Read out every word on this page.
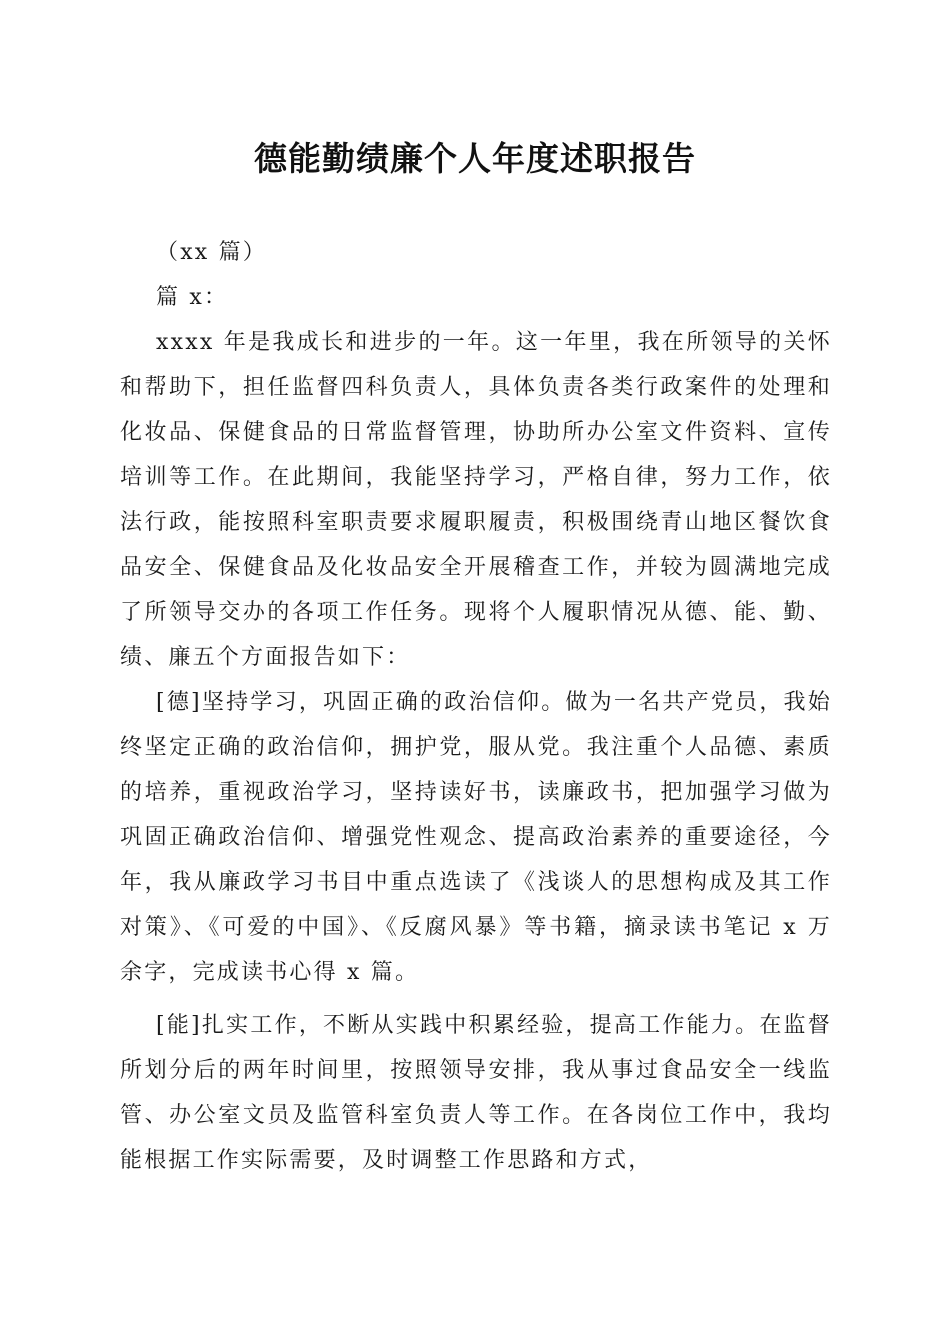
德能勤绩廉个人年度述职报告

（xx 篇）

篇 x：

xxxx 年是我成长和进步的一年。这一年里，我在所领导的关怀和帮助下，担任监督四科负责人，具体负责各类行政案件的处理和化妆品、保健食品的日常监督管理，协助所办公室文件资料、宣传培训等工作。在此期间，我能坚持学习，严格自律，努力工作，依法行政，能按照科室职责要求履职履责，积极围绕青山地区餐饮食品安全、保健食品及化妆品安全开展稽查工作，并较为圆满地完成了所领导交办的各项工作任务。现将个人履职情况从德、能、勤、绩、廉五个方面报告如下：

[德]坚持学习，巩固正确的政治信仰。做为一名共产党员，我始终坚定正确的政治信仰，拥护党，服从党。我注重个人品德、素质的培养，重视政治学习，坚持读好书，读廉政书，把加强学习做为巩固正确政治信仰、增强党性观念、提高政治素养的重要途径，今年，我从廉政学习书目中重点选读了《浅谈人的思想构成及其工作对策》、《可爱的中国》、《反腐风暴》等书籍，摘录读书笔记 x 万余字，完成读书心得 x 篇。

[能]扎实工作，不断从实践中积累经验，提高工作能力。在监督所划分后的两年时间里，按照领导安排，我从事过食品安全一线监管、办公室文员及监管科室负责人等工作。在各岗位工作中，我均能根据工作实际需要，及时调整工作思路和方式，
